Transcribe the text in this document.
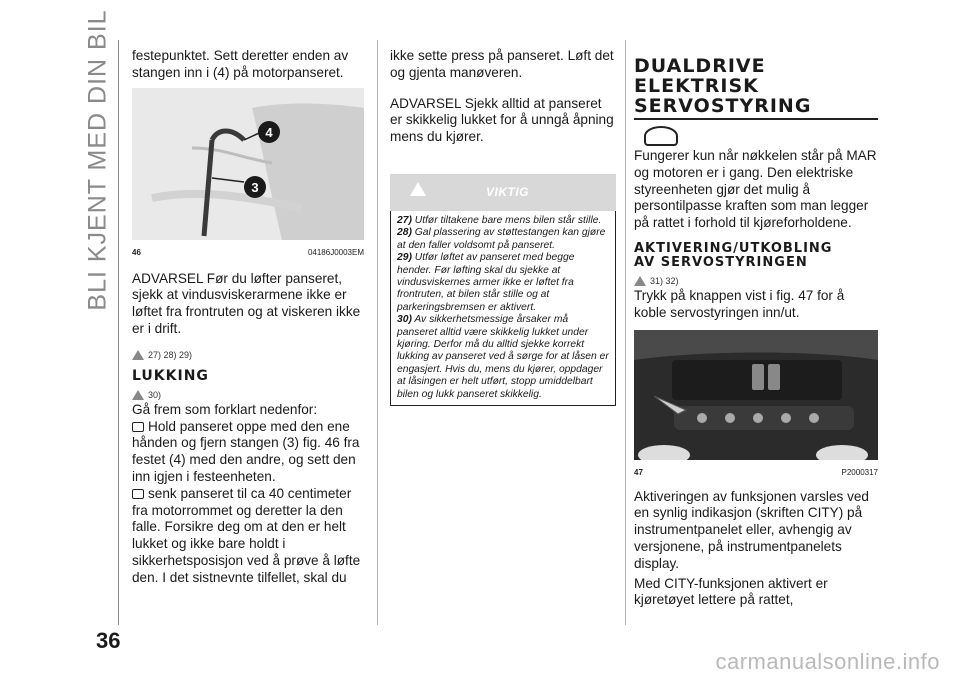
BLI KJENT MED DIN BIL festepunktet. Sett deretter enden av stangen inn i (4) på motorpanseret.

4
3
46	04186J0003EM

ADVARSEL Før du løfter panseret, sjekk at vindusviskerarmene ikke er løftet fra frontruten og at viskeren ikke er i drift.

27) 28) 29)
LUKKING
30)

Gå frem som forklart nedenfor:

Hold panseret oppe med den ene hånden og fjern stangen (3) fig. 46 fra festet (4) med den andre, og sett den inn igjen i festeenheten.

senk panseret til ca 40 centimeter fra motorrommet og deretter la den falle. Forsikre deg om at den er helt lukket og ikke bare holdt i sikkerhetsposisjon ved å prøve å løfte den. I det sistnevnte tilfellet, skal du

ikke sette press på panseret. Løft det og gjenta manøveren.

ADVARSEL Sjekk alltid at panseret er skikkelig lukket for å unngå åpning mens du kjører.

VIKTIG

27) Utfør tiltakene bare mens bilen står stille.

28) Gal plassering av støttestangen kan gjøre at den faller voldsomt på panseret.

29) Utfør løftet av panseret med begge hender. Før løfting skal du sjekke at vindusviskernes armer ikke er løftet fra frontruten, at bilen står stille og at parkeringsbremsen er aktivert.

30) Av sikkerhetsmessige årsaker må panseret alltid være skikkelig lukket under kjøring. Derfor må du alltid sjekke korrekt lukking av panseret ved å sørge for at låsen er engasjert. Hvis du, mens du kjører, oppdager at låsingen er helt utført, stopp umiddelbart bilen og lukk panseret skikkelig.

DUALDRIVE
ELEKTRISK
SERVOSTYRING

Fungerer kun når nøkkelen står på MAR og motoren er i gang. Den elektriske styreenheten gjør det mulig å persontilpasse kraften som man legger på rattet i forhold til kjøreforholdene.

AKTIVERING/UTKOBLING
AV SERVOSTYRINGEN
31) 32)

Trykk på knappen vist i fig. 47 for å koble servostyringen inn/ut.

47	P2000317

Aktiveringen av funksjonen varsles ved en synlig indikasjon (skriften CITY) på instrumentpanelet eller, avhengig av versjonene, på instrumentpanelets display.

Med CITY-funksjonen aktivert er kjøretøyet lettere på rattet,

36
carmanualsonline.info
